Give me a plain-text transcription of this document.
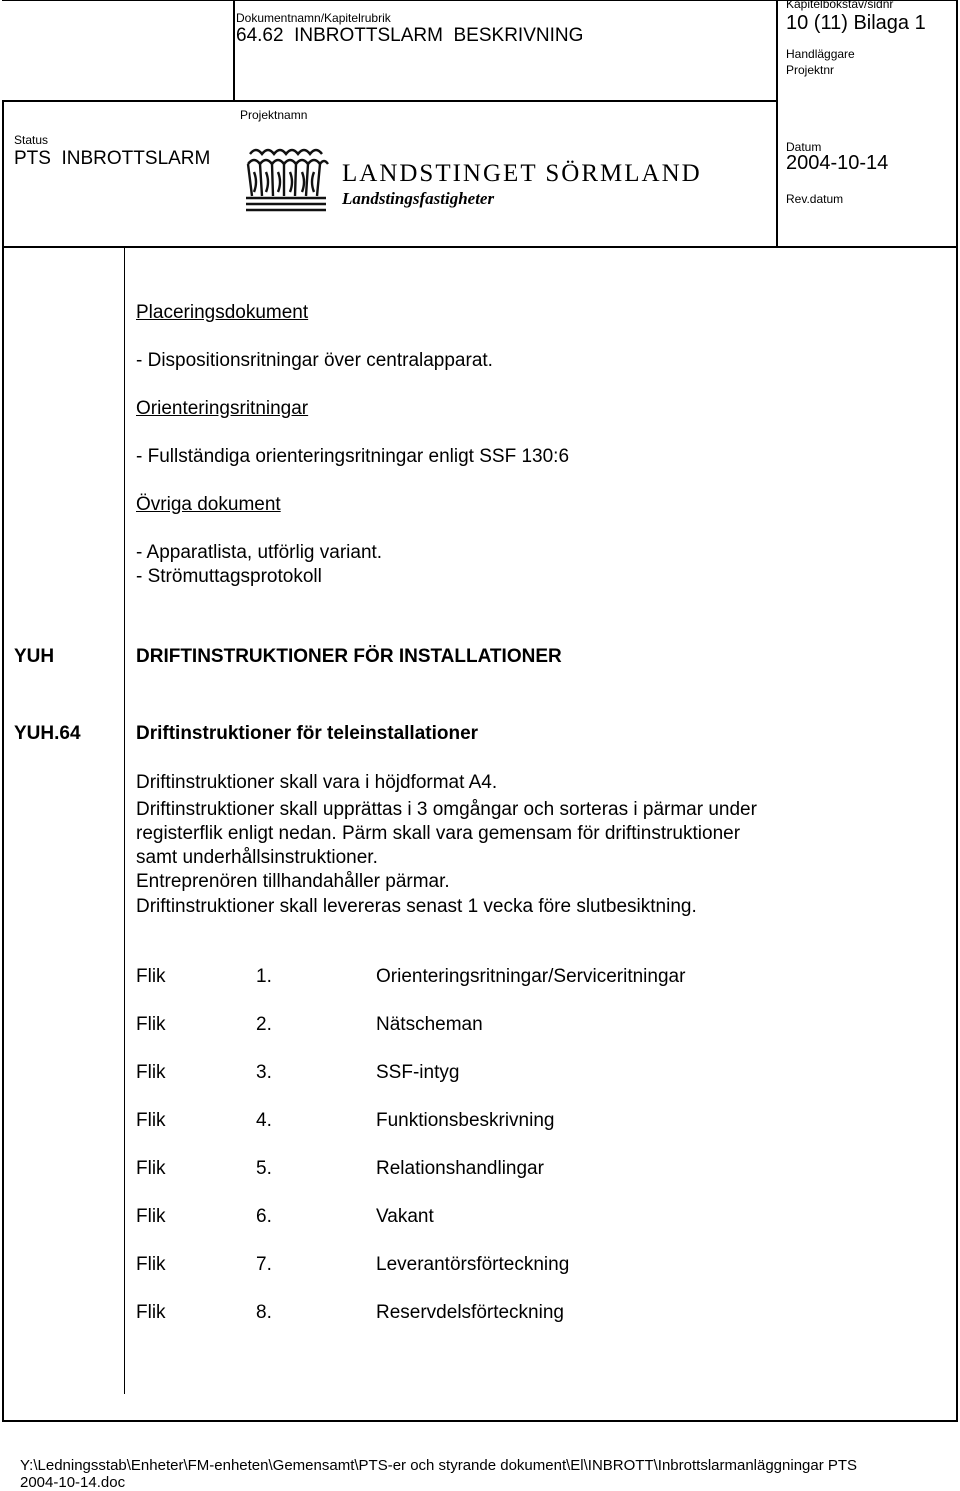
Dokumentnamn/Kapitelrubrik
64.62  INBROTTSLARM  BESKRIVNING
Kapitelbokstav/sidnr
10 (11) Bilaga 1
Handläggare
Projektnr
Projektnamn
Status
PTS  INBROTTSLARM
Datum
2004-10-14
Rev.datum
LANDSTINGET SÖRMLAND
Landstingsfastigheter
Placeringsdokument
- Dispositionsritningar över centralapparat.
Orienteringsritningar
- Fullständiga orienteringsritningar enligt SSF 130:6
Övriga dokument
- Apparatlista, utförlig variant.
- Strömuttagsprotokoll
YUH	DRIFTINSTRUKTIONER FÖR INSTALLATIONER
YUH.64	Driftinstruktioner för teleinstallationer
Driftinstruktioner skall vara i höjdformat A4.
Driftinstruktioner skall upprättas i 3 omgångar och sorteras i pärmar under
registerflik enligt nedan. Pärm skall vara gemensam för driftinstruktioner
samt underhållsinstruktioner.
Entreprenören tillhandahåller pärmar.
Driftinstruktioner skall levereras senast 1 vecka före slutbesiktning.
Flik	1.	Orienteringsritningar/Serviceritningar
Flik	2.	Nätscheman
Flik	3.	SSF-intyg
Flik	4.	Funktionsbeskrivning
Flik	5.	Relationshandlingar
Flik	6.	Vakant
Flik	7.	Leverantörsförteckning
Flik	8.	Reservdelsförteckning
Y:\Ledningsstab\Enheter\FM-enheten\Gemensamt\PTS-er och styrande dokument\El\INBROTT\Inbrottslarmanläggningar PTS
2004-10-14.doc
